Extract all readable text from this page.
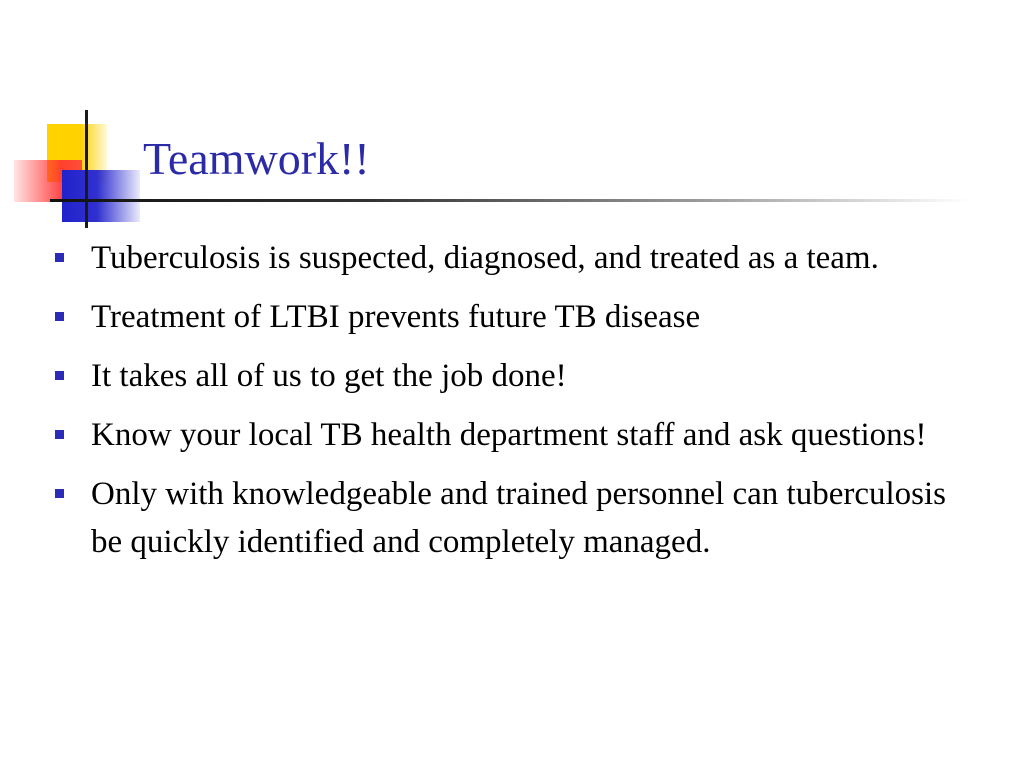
Teamwork!!
Tuberculosis is suspected, diagnosed, and treated as a team.
Treatment of LTBI prevents future TB disease
It takes all of us to get the job done!
Know your local TB health department staff and ask questions!
Only with knowledgeable and trained personnel can tuberculosis be quickly identified and completely managed.
